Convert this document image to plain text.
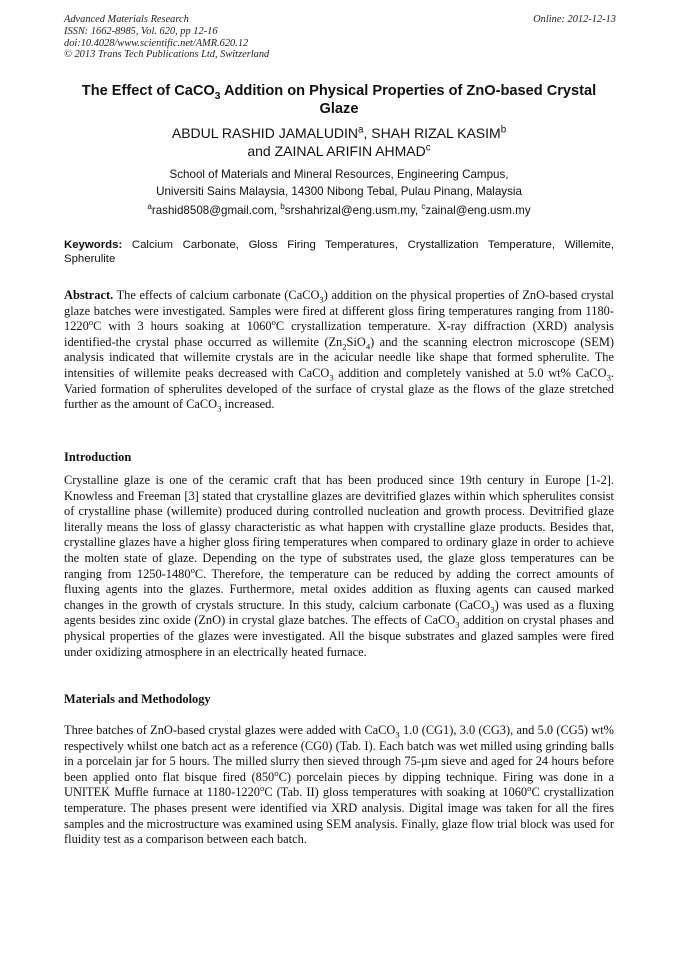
Advanced Materials Research
ISSN: 1662-8985, Vol. 620, pp 12-16
doi:10.4028/www.scientific.net/AMR.620.12
© 2013 Trans Tech Publications Ltd, Switzerland
Online: 2012-12-13
The Effect of CaCO$_3$ Addition on Physical Properties of ZnO-based Crystal Glaze
ABDUL RASHID JAMALUDIN$^a$, SHAH RIZAL KASIM$^b$
and ZAINAL ARIFIN AHMAD$^c$
School of Materials and Mineral Resources, Engineering Campus,
Universiti Sains Malaysia, 14300 Nibong Tebal, Pulau Pinang, Malaysia
$^a$rashid8508@gmail.com, $^b$srshahrizal@eng.usm.my, $^c$zainal@eng.usm.my
Keywords: Calcium Carbonate, Gloss Firing Temperatures, Crystallization Temperature, Willemite, Spherulite
Abstract. The effects of calcium carbonate (CaCO$_3$) addition on the physical properties of ZnO-based crystal glaze batches were investigated. Samples were fired at different gloss firing temperatures ranging from 1180-1220$^o$C with 3 hours soaking at 1060$^o$C crystallization temperature. X-ray diffraction (XRD) analysis identified-the crystal phase occurred as willemite $(Zn_2SiO_4)$ and the scanning electron microscope (SEM) analysis indicated that willemite crystals are in the acicular needle like shape that formed spherulite. The intensities of willemite peaks decreased with CaCO$_3$ addition and completely vanished at 5.0 wt% CaCO$_3$. Varied formation of spherulites developed of the surface of crystal glaze as the flows of the glaze stretched further as the amount of CaCO$_3$ increased.
Introduction
Crystalline glaze is one of the ceramic craft that has been produced since 19th century in Europe [1-2]. Knowless and Freeman [3] stated that crystalline glazes are devitrified glazes within which spherulites consist of crystalline phase (willemite) produced during controlled nucleation and growth process. Devitrified glaze literally means the loss of glassy characteristic as what happen with crystalline glaze products. Besides that, crystalline glazes have a higher gloss firing temperatures when compared to ordinary glaze in order to achieve the molten state of glaze. Depending on the type of substrates used, the glaze gloss temperatures can be ranging from 1250-1480$^o$C. Therefore, the temperature can be reduced by adding the correct amounts of fluxing agents into the glazes. Furthermore, metal oxides addition as fluxing agents can caused marked changes in the growth of crystals structure. In this study, calcium carbonate (CaCO$_3$) was used as a fluxing agents besides zinc oxide (ZnO) in crystal glaze batches. The effects of CaCO$_3$ addition on crystal phases and physical properties of the glazes were investigated. All the bisque substrates and glazed samples were fired under oxidizing atmosphere in an electrically heated furnace.
Materials and Methodology
Three batches of ZnO-based crystal glazes were added with CaCO$_3$ 1.0 (CG1), 3.0 (CG3), and 5.0 (CG5) wt% respectively whilst one batch act as a reference (CG0) (Tab. I). Each batch was wet milled using grinding balls in a porcelain jar for 5 hours. The milled slurry then sieved through 75-µm sieve and aged for 24 hours before been applied onto flat bisque fired (850$^o$C) porcelain pieces by dipping technique. Firing was done in a UNITEK Muffle furnace at 1180-1220$^o$C (Tab. II) gloss temperatures with soaking at 1060$^o$C crystallization temperature. The phases present were identified via XRD analysis. Digital image was taken for all the fires samples and the microstructure was examined using SEM analysis. Finally, glaze flow trial block was used for fluidity test as a comparison between each batch.
